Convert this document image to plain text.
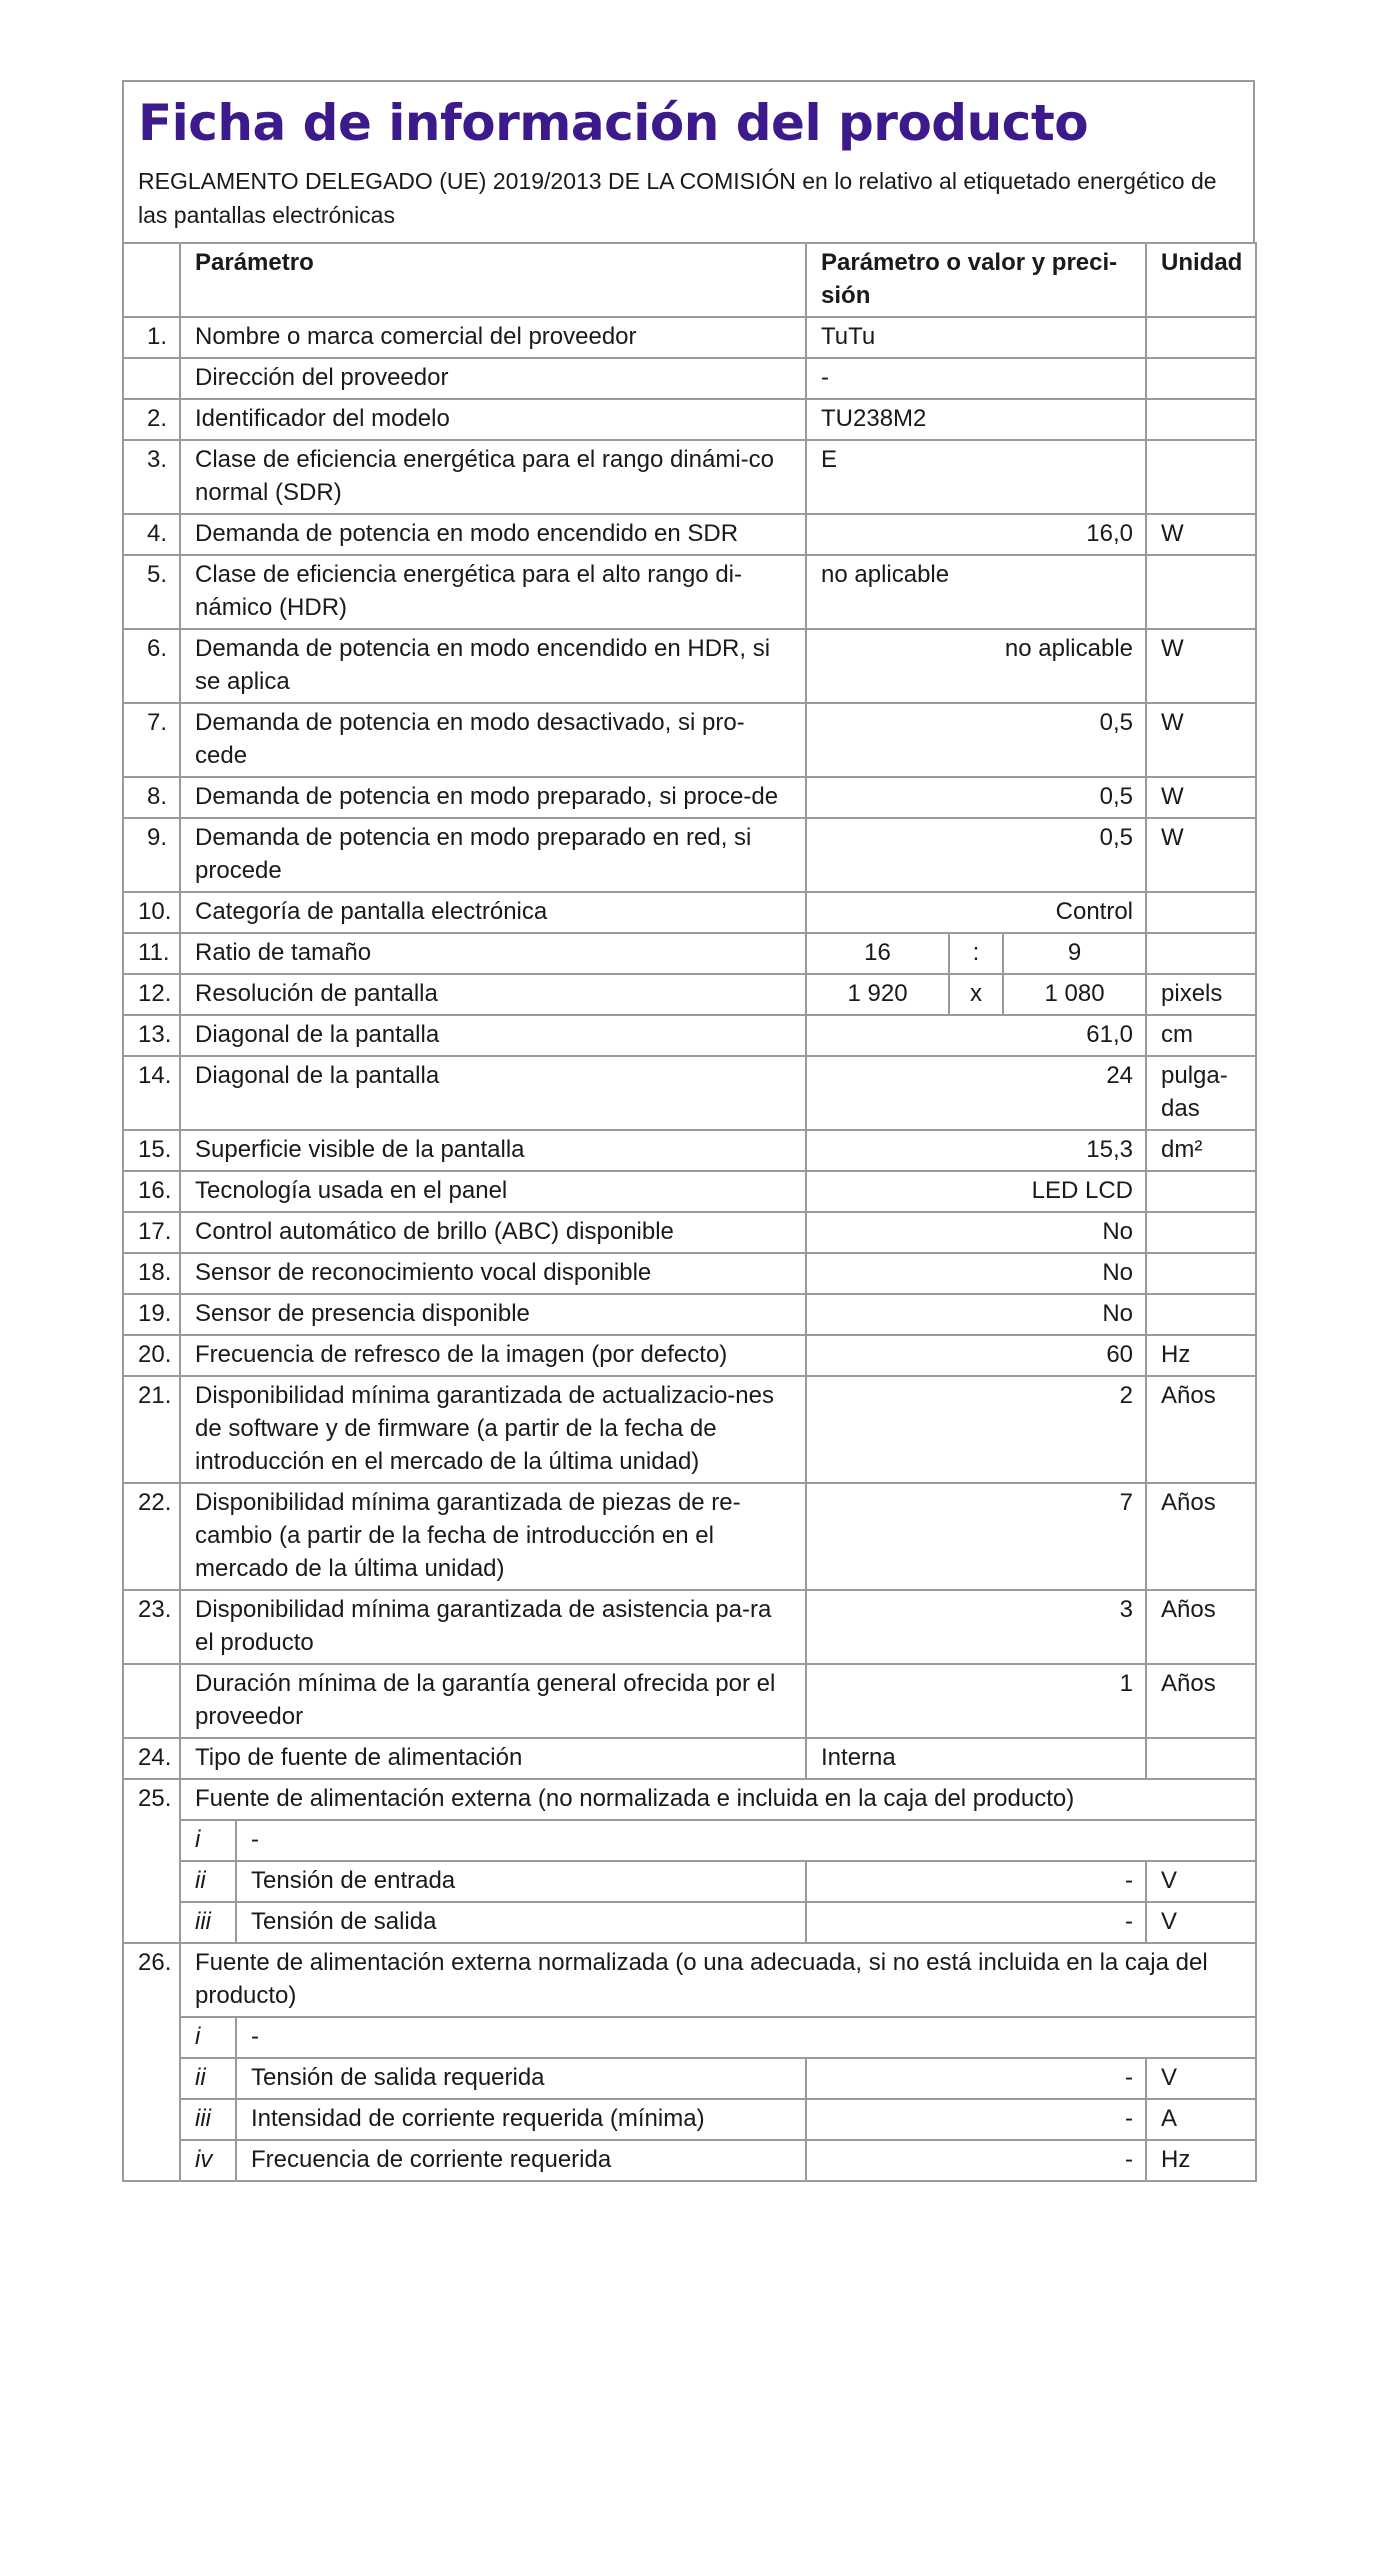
Ficha de información del producto

REGLAMENTO DELEGADO (UE) 2019/2013 DE LA COMISIÓN en lo relativo al etiquetado energético de las pantallas electrónicas

	Parámetro		Parámetro o valor y preci-sión			Unidad
1.	Nombre o marca comercial del proveedor		TuTu			
	Dirección del proveedor		-			
2.	Identificador del modelo		TU238M2			
3.	Clase de eficiencia energética para el rango dinámi-co normal (SDR)		E			
4.	Demanda de potencia en modo encendido en SDR		16,0			W
5.	Clase de eficiencia energética para el alto rango di-námico (HDR)		no aplicable			
6.	Demanda de potencia en modo encendido en HDR, si se aplica		no aplicable			W
7.	Demanda de potencia en modo desactivado, si pro-cede		0,5			W
8.	Demanda de potencia en modo preparado, si proce-de		0,5			W
9.	Demanda de potencia en modo preparado en red, si procede		0,5			W
10.	Categoría de pantalla electrónica		Control			
11.	Ratio de tamaño		16	:	9	
12.	Resolución de pantalla		1 920	x	1 080	pixels
13.	Diagonal de la pantalla		61,0			cm
14.	Diagonal de la pantalla		24			pulga-das
15.	Superficie visible de la pantalla		15,3			dm²
16.	Tecnología usada en el panel		LED LCD			
17.	Control automático de brillo (ABC) disponible		No			
18.	Sensor de reconocimiento vocal disponible		No			
19.	Sensor de presencia disponible		No			
20.	Frecuencia de refresco de la imagen (por defecto)		60			Hz
21.	Disponibilidad mínima garantizada de actualizacio-nes de software y de firmware (a partir de la fecha de introducción en el mercado de la última unidad)		2			Años
22.	Disponibilidad mínima garantizada de piezas de re-cambio (a partir de la fecha de introducción en el mercado de la última unidad)		7			Años
23.	Disponibilidad mínima garantizada de asistencia pa-ra el producto		3			Años
	Duración mínima de la garantía general ofrecida por el proveedor		1			Años
24.	Tipo de fuente de alimentación		Interna			
25.	Fuente de alimentación externa (no normalizada e incluida en la caja del producto)					
	i	-				
	ii	Tensión de entrada	-			V
	iii	Tensión de salida	-			V
26.	Fuente de alimentación externa normalizada (o una adecuada, si no está incluida en la caja del producto)					
	i	-				
	ii	Tensión de salida requerida	-			V
	iii	Intensidad de corriente requerida (mínima)	-			A
	iv	Frecuencia de corriente requerida	-			Hz
